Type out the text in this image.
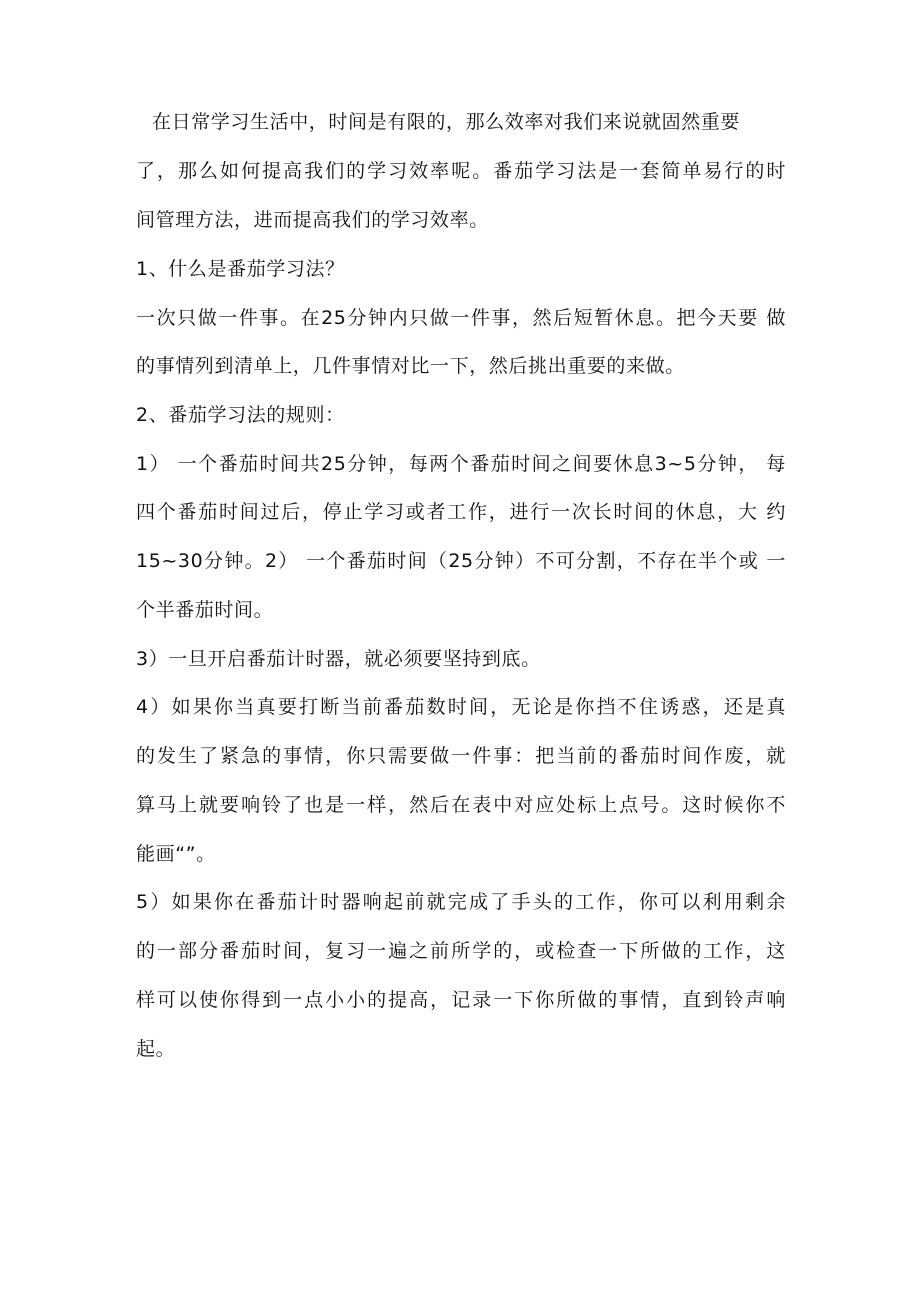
在日常学习生活中，时间是有限的，那么效率对我们来说就固然重要
了，那么如何提高我们的学习效率呢。番茄学习法是一套简单易行的时
间管理方法，进而提高我们的学习效率。
1、什么是番茄学习法？
一次只做一件事。在25分钟内只做一件事，然后短暂休息。把今天要 做
的事情列到清单上，几件事情对比一下，然后挑出重要的来做。
2、番茄学习法的规则：
1） 一个番茄时间共25分钟，每两个番茄时间之间要休息3~5分钟， 每
四个番茄时间过后，停止学习或者工作，进行一次长时间的休息，大 约
15~30分钟。2） 一个番茄时间（25分钟）不可分割，不存在半个或 一
个半番茄时间。
3）一旦开启番茄计时器，就必须要坚持到底。
4）如果你当真要打断当前番茄数时间，无论是你挡不住诱惑，还是真
的发生了紧急的事情，你只需要做一件事：把当前的番茄时间作废，就
算马上就要响铃了也是一样，然后在表中对应处标上点号。这时候你不
能画“”。
5）如果你在番茄计时器响起前就完成了手头的工作，你可以利用剩余
的一部分番茄时间，复习一遍之前所学的，或检查一下所做的工作，这
样可以使你得到一点小小的提高，记录一下你所做的事情，直到铃声响
起。
